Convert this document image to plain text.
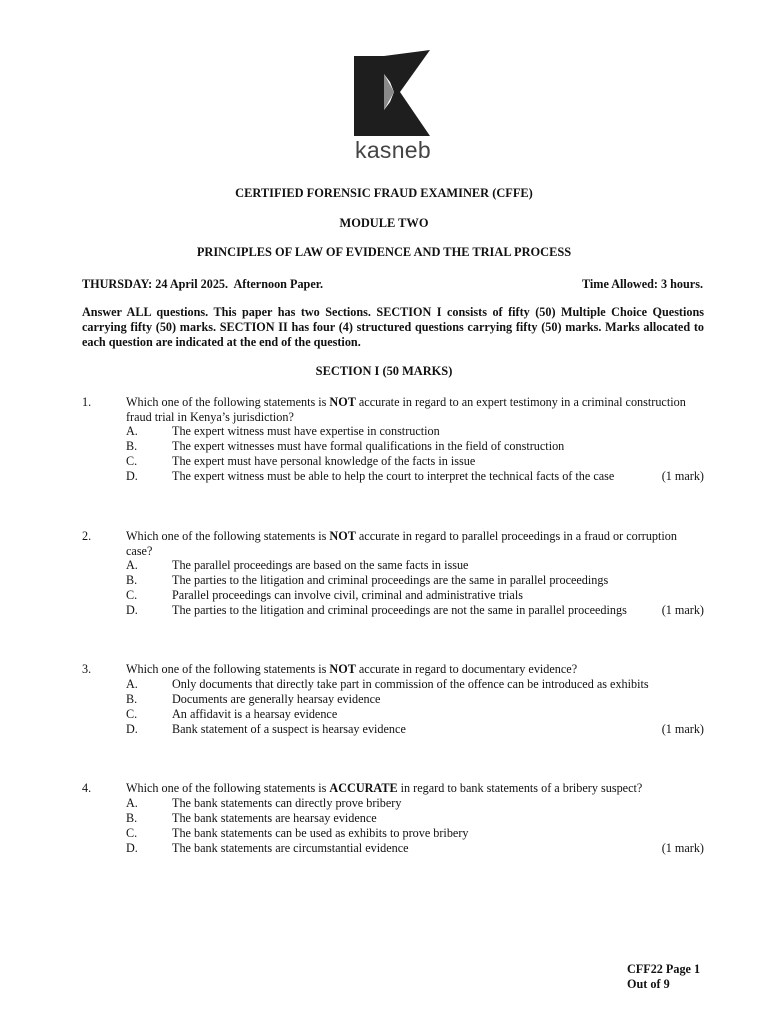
kasneb
CERTIFIED FORENSIC FRAUD EXAMINER (CFFE)
MODULE TWO
PRINCIPLES OF LAW OF EVIDENCE AND THE TRIAL PROCESS
THURSDAY: 24 April 2025.  Afternoon Paper.	Time Allowed: 3 hours.
Answer ALL questions. This paper has two Sections. SECTION I consists of fifty (50) Multiple Choice Questions carrying fifty (50) marks. SECTION II has four (4) structured questions carrying fifty (50) marks. Marks allocated to each question are indicated at the end of the question.
SECTION I (50 MARKS)
1.	Which one of the following statements is NOT accurate in regard to an expert testimony in a criminal construction fraud trial in Kenya’s jurisdiction?
A.	The expert witness must have expertise in construction
B.	The expert witnesses must have formal qualifications in the field of construction
C.	The expert must have personal knowledge of the facts in issue
D.	The expert witness must be able to help the court to interpret the technical facts of the case	(1 mark)
2.	Which one of the following statements is NOT accurate in regard to parallel proceedings in a fraud or corruption case?
A.	The parallel proceedings are based on the same facts in issue
B.	The parties to the litigation and criminal proceedings are the same in parallel proceedings
C.	Parallel proceedings can involve civil, criminal and administrative trials
D.	The parties to the litigation and criminal proceedings are not the same in parallel proceedings	(1 mark)
3.	Which one of the following statements is NOT accurate in regard to documentary evidence?
A.	Only documents that directly take part in commission of the offence can be introduced as exhibits
B.	Documents are generally hearsay evidence
C.	An affidavit is a hearsay evidence
D.	Bank statement of a suspect is hearsay evidence	(1 mark)
4.	Which one of the following statements is ACCURATE in regard to bank statements of a bribery suspect?
A.	The bank statements can directly prove bribery
B.	The bank statements are hearsay evidence
C.	The bank statements can be used as exhibits to prove bribery
D.	The bank statements are circumstantial evidence	(1 mark)
CFF22 Page 1
Out of 9
